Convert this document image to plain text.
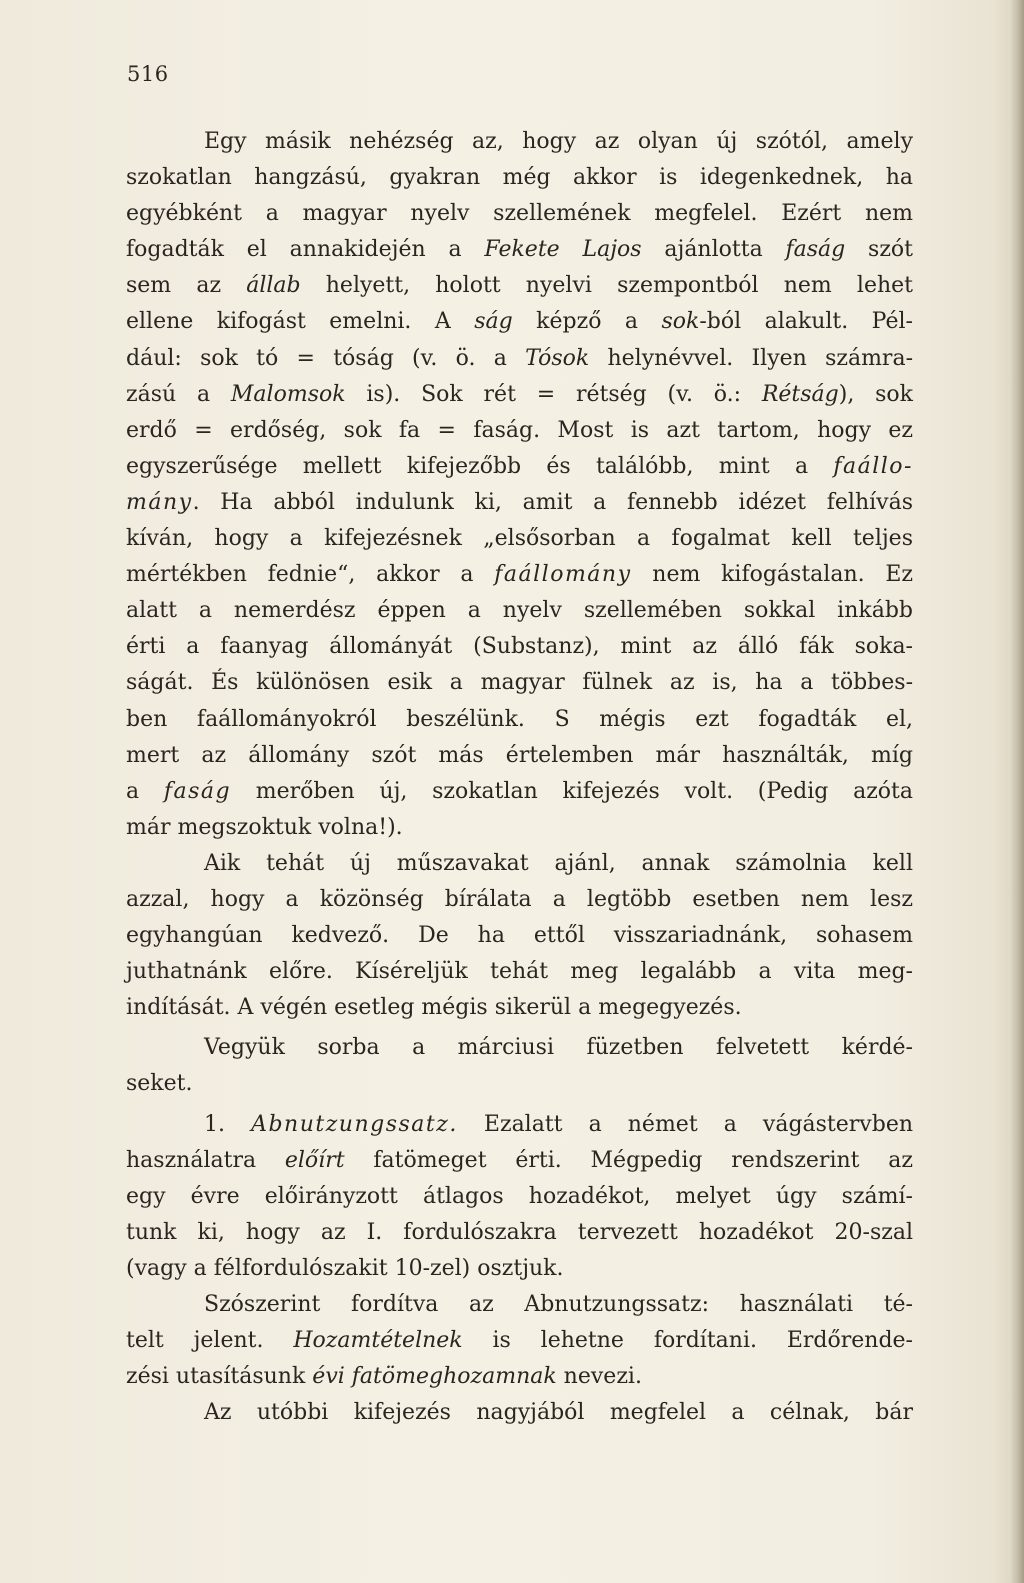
516
Egy másik nehézség az, hogy az olyan új szótól, amely
szokatlan hangzású, gyakran még akkor is idegenkednek, ha
egyébként a magyar nyelv szellemének megfelel. Ezért nem
fogadták el annakidején a Fekete Lajos ajánlotta faság szót
sem az állab helyett, holott nyelvi szempontból nem lehet
ellene kifogást emelni. A ság képző a sok-ból alakult. Pél-
dául: sok tó = tóság (v. ö. a Tósok helynévvel. Ilyen számra-
zású a Malomsok is). Sok rét = rétség (v. ö.: Rétság), sok
erdő = erdőség, sok fa = faság. Most is azt tartom, hogy ez
egyszerűsége mellett kifejezőbb és találóbb, mint a faállo-
mány. Ha abból indulunk ki, amit a fennebb idézet felhívás
kíván, hogy a kifejezésnek „elsősorban a fogalmat kell teljes
mértékben fednie“, akkor a faállomány nem kifogástalan. Ez
alatt a nemerdész éppen a nyelv szellemében sokkal inkább
érti a faanyag állományát (Substanz), mint az álló fák soka-
ságát. És különösen esik a magyar fülnek az is, ha a többes-
ben faállományokról beszélünk. S mégis ezt fogadták el,
mert az állomány szót más értelemben már használták, míg
a faság merőben új, szokatlan kifejezés volt. (Pedig azóta
már megszoktuk volna!).
Aik tehát új műszavakat ajánl, annak számolnia kell
azzal, hogy a közönség bírálata a legtöbb esetben nem lesz
egyhangúan kedvező. De ha ettől visszariadnánk, sohasem
juthatnánk előre. Kíséreljük tehát meg legalább a vita meg-
indítását. A végén esetleg mégis sikerül a megegyezés.
Vegyük sorba a márciusi füzetben felvetett kérdé-
seket.
1. Abnutzungssatz. Ezalatt a német a vágástervben
használatra előírt fatömeget érti. Mégpedig rendszerint az
egy évre előirányzott átlagos hozadékot, melyet úgy számí-
tunk ki, hogy az I. fordulószakra tervezett hozadékot 20-szal
(vagy a félfordulószakit 10-zel) osztjuk.
Szószerint fordítva az Abnutzungssatz: használati té-
telt jelent. Hozamtételnek is lehetne fordítani. Erdőrende-
zési utasításunk évi fatömeghozamnak nevezi.
Az utóbbi kifejezés nagyjából megfelel a célnak, bár
